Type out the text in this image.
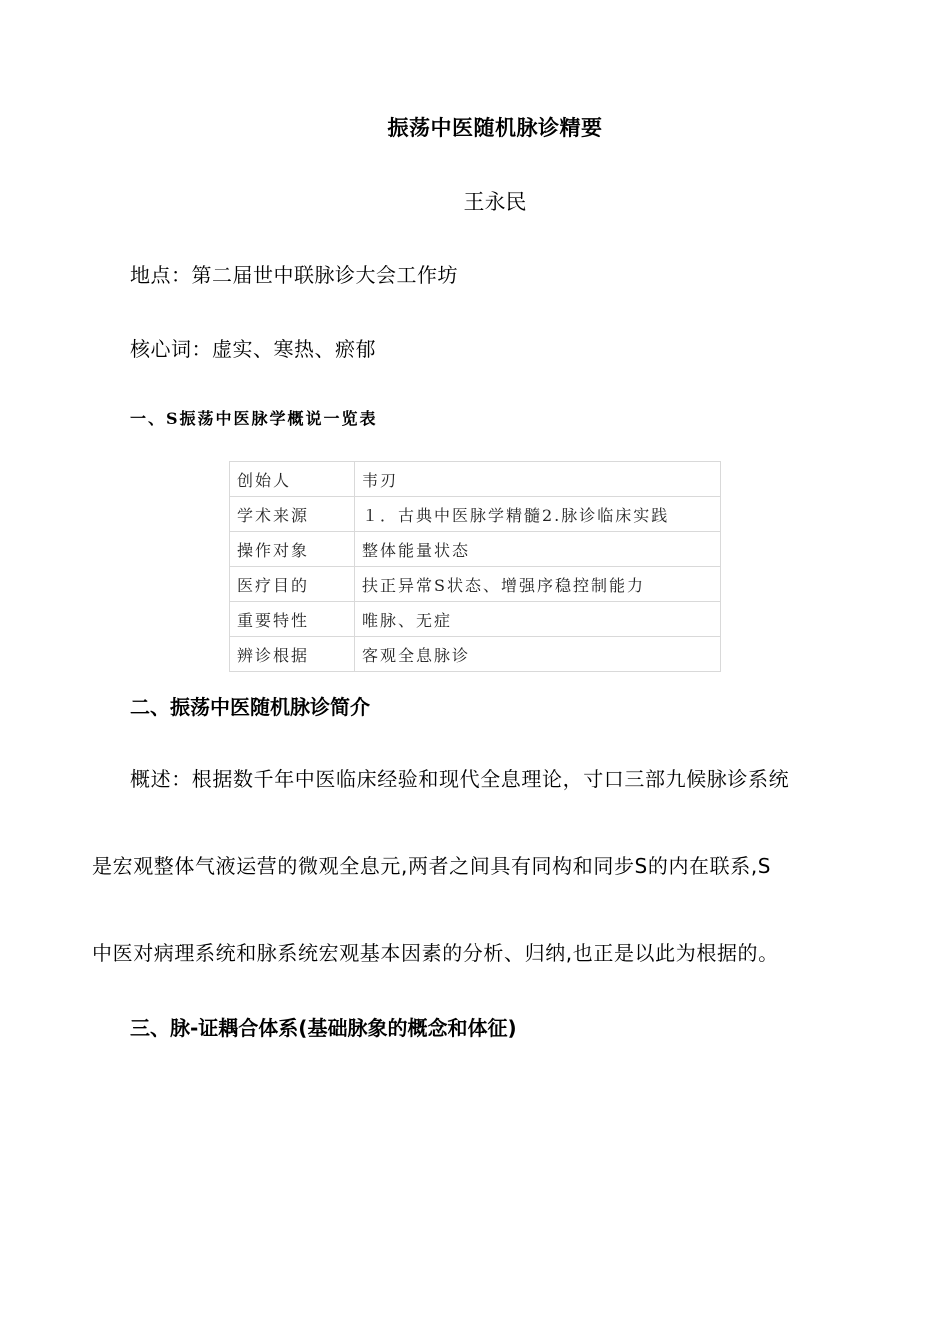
振荡中医随机脉诊精要
王永民
地点：第二届世中联脉诊大会工作坊
核心词：虚实、寒热、瘀郁
一、S振荡中医脉学概说一览表
创始人	韦刃
学术来源	１．古典中医脉学精髓2.脉诊临床实践
操作对象	整体能量状态
医疗目的	扶正异常S状态、增强序稳控制能力
重要特性	唯脉、无症
辨诊根据	客观全息脉诊
二、振荡中医随机脉诊简介
概述：根据数千年中医临床经验和现代全息理论，寸口三部九候脉诊系统
是宏观整体气液运营的微观全息元,两者之间具有同构和同步S的内在联系,S
中医对病理系统和脉系统宏观基本因素的分析、归纳,也正是以此为根据的。
三、脉-证耦合体系(基础脉象的概念和体征)
